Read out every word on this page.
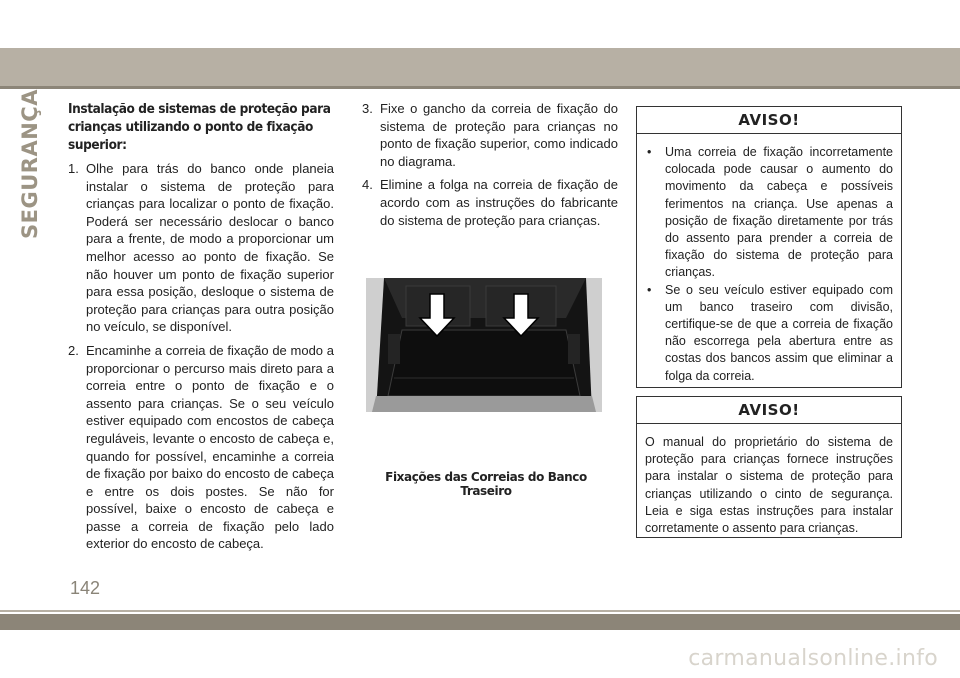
SEGURANÇA Instalação de sistemas de proteção para crianças utilizando o ponto de fixação superior:
1. Olhe para trás do banco onde planeia instalar o sistema de proteção para crianças para localizar o ponto de fixação. Poderá ser necessário deslocar o banco para a frente, de modo a proporcionar um melhor acesso ao ponto de fixação. Se não houver um ponto de fixação superior para essa posição, desloque o sistema de proteção para crianças para outra posição no veículo, se disponível.
2. Encaminhe a correia de fixação de modo a proporcionar o percurso mais direto para a correia entre o ponto de fixação e o assento para crianças. Se o seu veículo estiver equipado com encostos de cabeça reguláveis, levante o encosto de cabeça e, quando for possível, encaminhe a correia de fixação por baixo do encosto de cabeça e entre os dois postes. Se não for possível, baixe o encosto de cabeça e passe a correia de fixação pelo lado exterior do encosto de cabeça.
3. Fixe o gancho da correia de fixação do sistema de proteção para crianças no ponto de fixação superior, como indicado no diagrama.
4. Elimine a folga na correia de fixação de acordo com as instruções do fabricante do sistema de proteção para crianças.
Fixações das Correias do Banco Traseiro
AVISO!
• Uma correia de fixação incorretamente colocada pode causar o aumento do movimento da cabeça e possíveis ferimentos na criança. Use apenas a posição de fixação diretamente por trás do assento para prender a correia de fixação do sistema de proteção para crianças.
• Se o seu veículo estiver equipado com um banco traseiro com divisão, certifique-se de que a correia de fixação não escorrega pela abertura entre as costas dos bancos assim que eliminar a folga da correia.
AVISO!

O manual do proprietário do sistema de proteção para crianças fornece instruções para instalar o sistema de proteção para crianças utilizando o cinto de segurança. Leia e siga estas instruções para instalar corretamente o assento para crianças.

142
carmanualsonline.info
